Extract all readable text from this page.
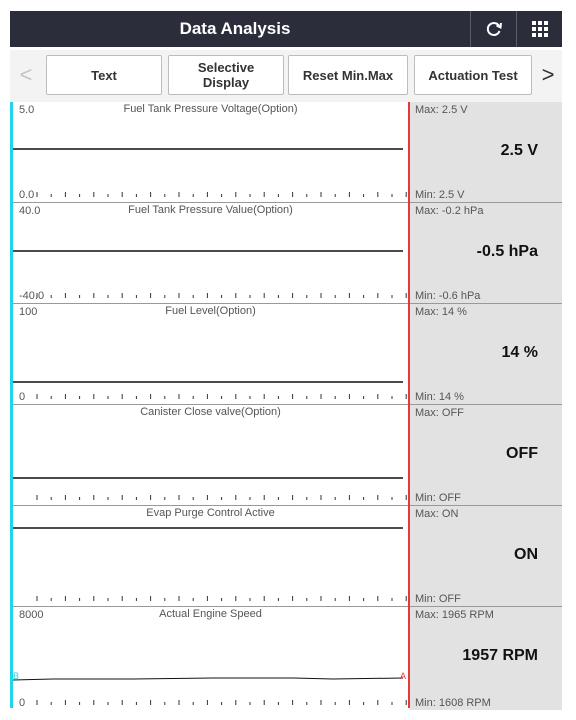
Data Analysis
<	Text	Selective Display	Reset Min.Max	Actuation Test	>
5.0	Fuel Tank Pressure Voltage(Option)
0.0
Max: 2.5 V
2.5 V
Min: 2.5 V
40.0	Fuel Tank Pressure Value(Option)
-40.0
Max: -0.2 hPa
-0.5 hPa
Min: -0.6 hPa
100	Fuel Level(Option)
0
Max: 14 %
14 %
Min: 14 %
Canister Close valve(Option)	Max: OFF
OFF
Min: OFF
Evap Purge Control Active	Max: ON
ON
Min: OFF
8000	Actual Engine Speed
0
B	A
Max: 1965 RPM
1957 RPM
Min: 1608 RPM
